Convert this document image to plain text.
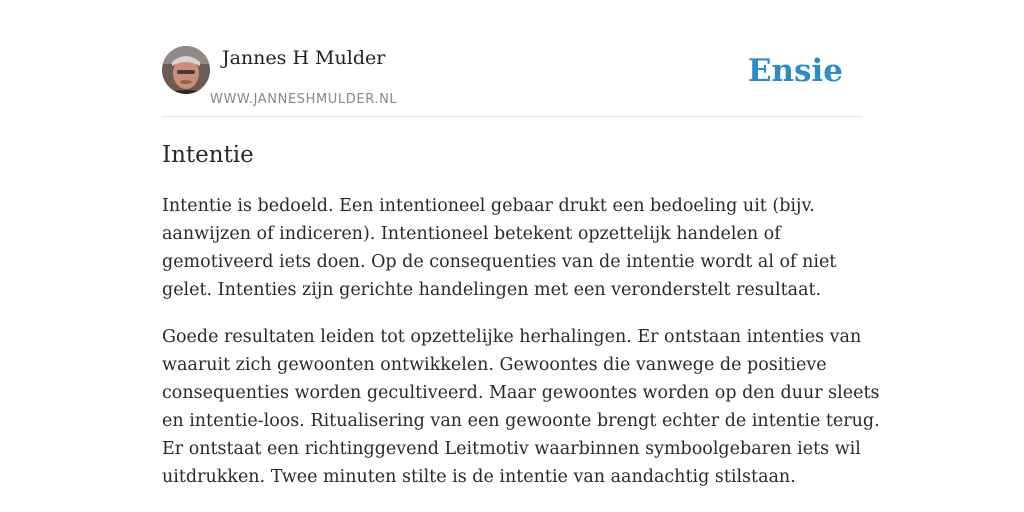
Jannes H Mulder
WWW.JANNESHMULDER.NL
Ensie
Intentie

Intentie is bedoeld. Een intentioneel gebaar drukt een bedoeling uit (bijv.
aanwijzen of indiceren). Intentioneel betekent opzettelijk handelen of
gemotiveerd iets doen. Op de consequenties van de intentie wordt al of niet
gelet. Intenties zijn gerichte handelingen met een veronderstelt resultaat.

Goede resultaten leiden tot opzettelijke herhalingen. Er ontstaan intenties van
waaruit zich gewoonten ontwikkelen. Gewoontes die vanwege de positieve
consequenties worden gecultiveerd. Maar gewoontes worden op den duur sleets
en intentie-loos. Ritualisering van een gewoonte brengt echter de intentie terug.
Er ontstaat een richtinggevend Leitmotiv waarbinnen symboolgebaren iets wil
uitdrukken. Twee minuten stilte is de intentie van aandachtig stilstaan.
